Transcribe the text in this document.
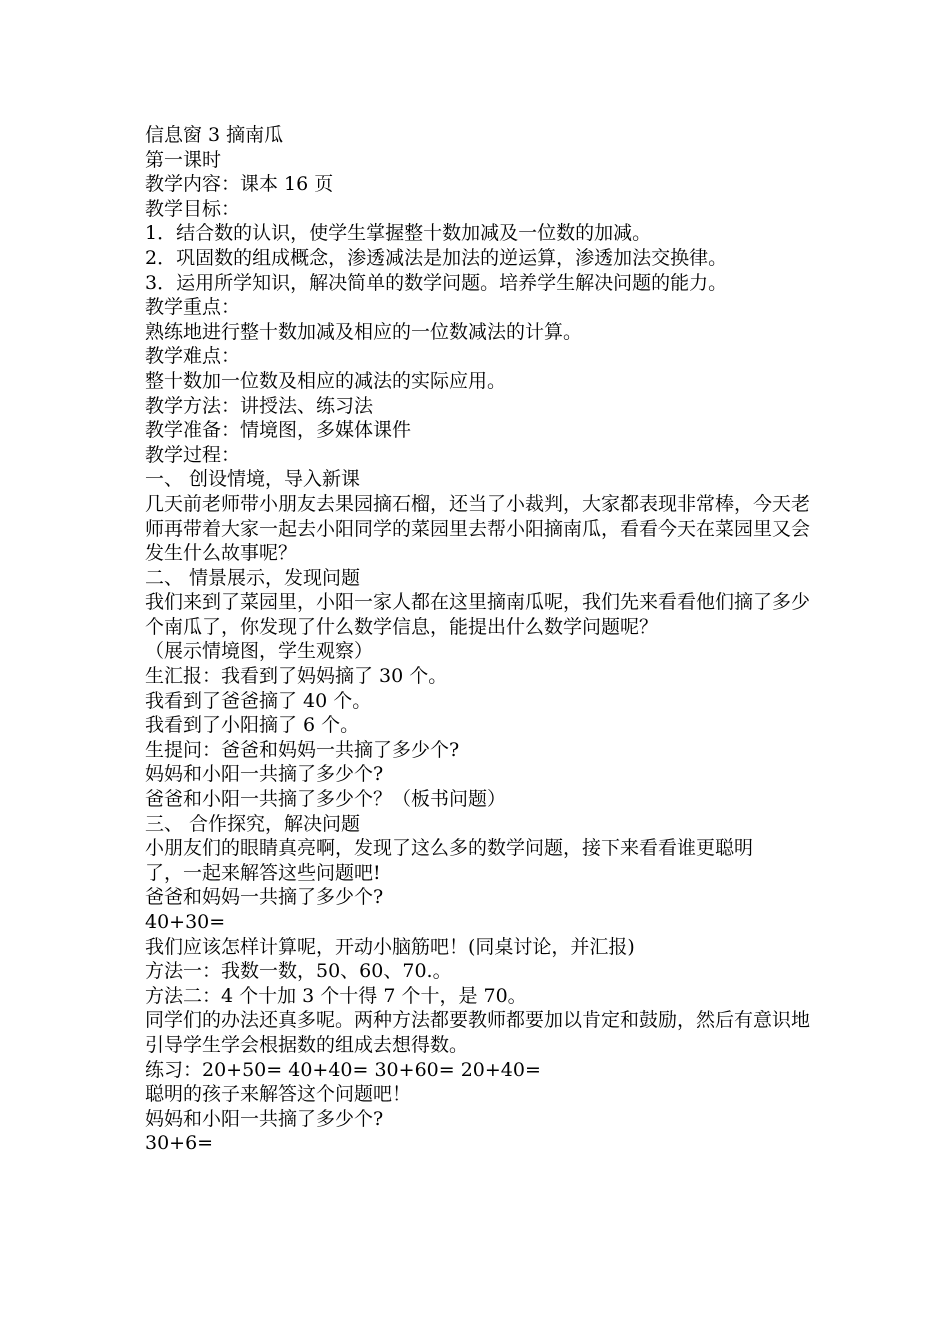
信息窗 3 摘南瓜
第一课时
教学内容：课本 16 页
教学目标：
1．结合数的认识，使学生掌握整十数加减及一位数的加减。
2．巩固数的组成概念，渗透减法是加法的逆运算，渗透加法交换律。
3．运用所学知识，解决简单的数学问题。培养学生解决问题的能力。
教学重点：
熟练地进行整十数加减及相应的一位数减法的计算。
教学难点：
整十数加一位数及相应的减法的实际应用。
教学方法：讲授法、练习法
教学准备：情境图，多媒体课件
教学过程：
一、 创设情境，导入新课
几天前老师带小朋友去果园摘石榴，还当了小裁判，大家都表现非常棒，今天老师再带着大家一起去小阳同学的菜园里去帮小阳摘南瓜，看看今天在菜园里又会发生什么故事呢？
二、 情景展示，发现问题
我们来到了菜园里，小阳一家人都在这里摘南瓜呢，我们先来看看他们摘了多少个南瓜了，你发现了什么数学信息，能提出什么数学问题呢？
（展示情境图，学生观察）
生汇报：我看到了妈妈摘了 30 个。
我看到了爸爸摘了 40 个。
我看到了小阳摘了 6 个。
生提问：爸爸和妈妈一共摘了多少个?
妈妈和小阳一共摘了多少个?
爸爸和小阳一共摘了多少个？（板书问题）
三、 合作探究，解决问题
小朋友们的眼睛真亮啊，发现了这么多的数学问题，接下来看看谁更聪明
了，一起来解答这些问题吧!
爸爸和妈妈一共摘了多少个?
40+30=
我们应该怎样计算呢，开动小脑筋吧！(同桌讨论，并汇报)
方法一：我数一数，50、60、70.。
方法二：4 个十加 3 个十得 7 个十，是 70。
同学们的办法还真多呢。两种方法都要教师都要加以肯定和鼓励，然后有意识地引导学生学会根据数的组成去想得数。
练习：20+50= 40+40= 30+60= 20+40=
聪明的孩子来解答这个问题吧！
妈妈和小阳一共摘了多少个?
30+6=
